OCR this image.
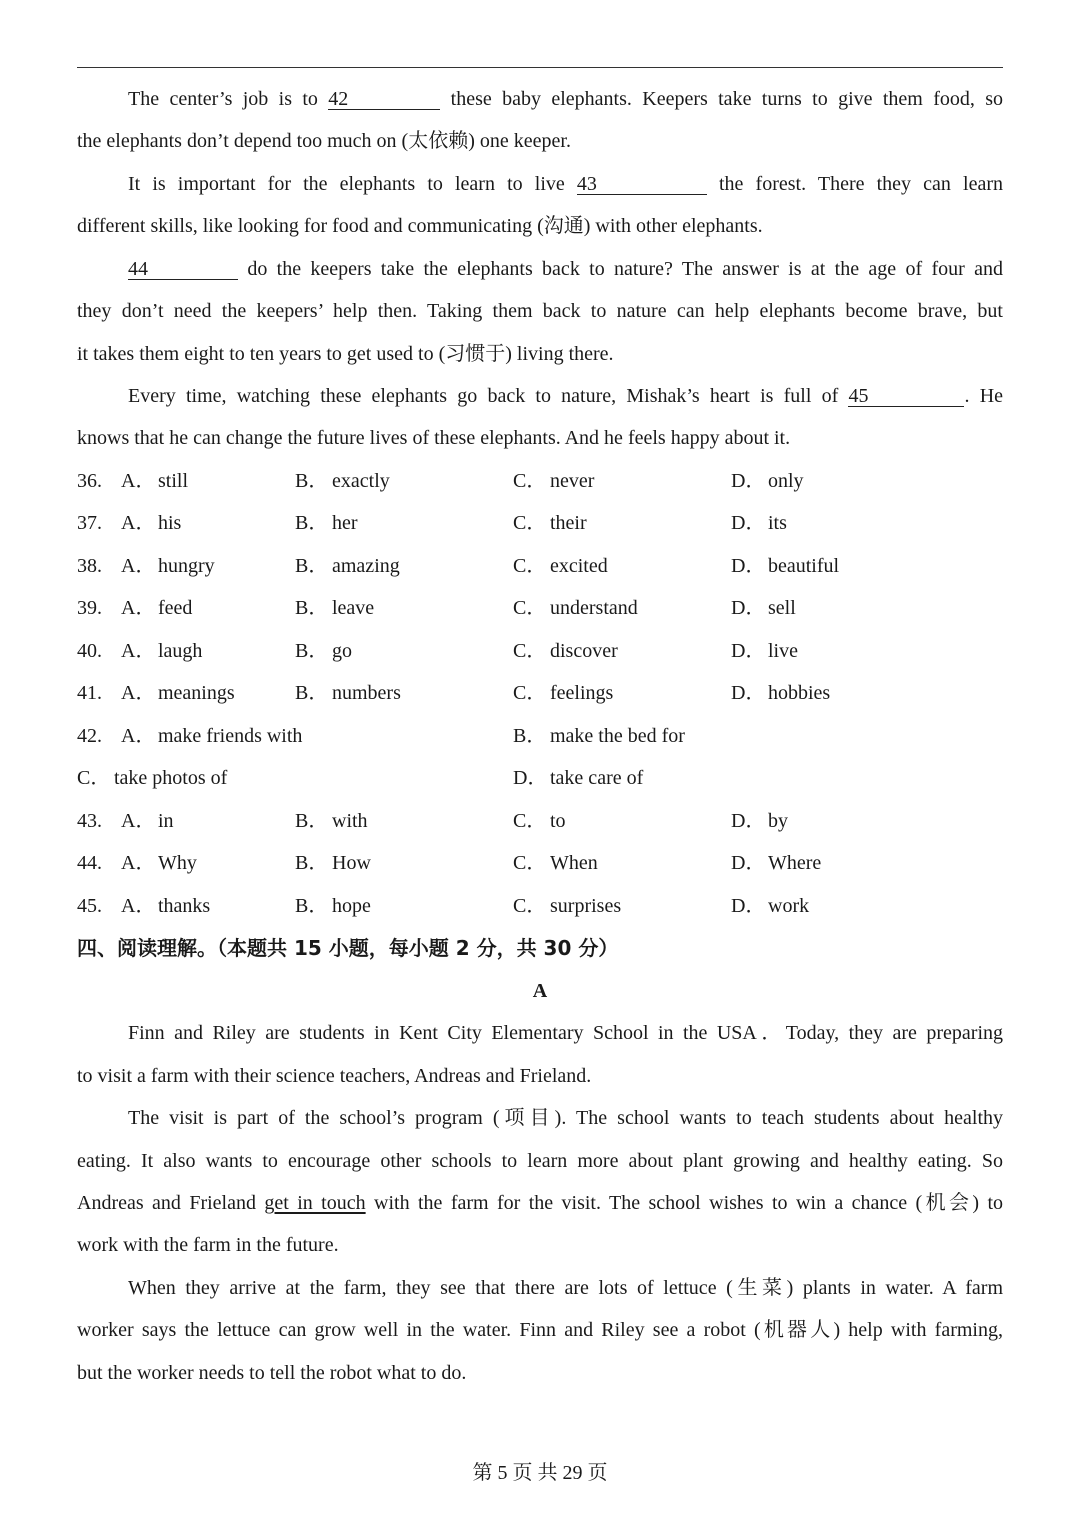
The center’s job is to 42	these baby elephants. Keepers take turns to give them food, so
the elephants don’t depend too much on (太依赖) one keeper.
It is important for the elephants to learn to live 43	the forest. There they can learn
different skills, like looking for food and communicating (沟通) with other elephants.
44	do the keepers take the elephants back to nature? The answer is at the age of four and
they don’t need the keepers’ help then. Taking them back to nature can help elephants become brave, but
it takes them eight to ten years to get used to (习惯于) living there.
Every time, watching these elephants go back to nature, Mishak’s heart is full of 45	. He
knows that he can change the future lives of these elephants. And he feels happy about it.
36. A． still	B． exactly	C． never	D． only
37. A． his	B． her	C． their	D． its
38. A． hungry	B． amazing	C． excited	D． beautiful
39. A． feed	B． leave	C． understand	D． sell
40. A． laugh	B． go	C． discover	D． live
41. A． meanings	B． numbers	C． feelings	D． hobbies
42. A． make friends with	B． make the bed for
C． take photos of	D． take care of
43. A． in	B． with	C． to	D． by
44. A． Why	B． How	C． When	D． Where
45. A． thanks	B． hope	C． surprises	D． work
四、阅读理解。（本题共 15 小题，每小题 2 分，共 30 分）
A
Finn and Riley are students in Kent City Elementary School in the USA．Today, they are preparing
to visit a farm with their science teachers, Andreas and Frieland.
The visit is part of the school’s program (项目). The school wants to teach students about healthy
eating. It also wants to encourage other schools to learn more about plant growing and healthy eating. So
Andreas and Frieland get in touch with the farm for the visit. The school wishes to win a chance (机会) to
work with the farm in the future.
When they arrive at the farm, they see that there are lots of lettuce (生菜) plants in water. A farm
worker says the lettuce can grow well in the water. Finn and Riley see a robot (机器人) help with farming,
but the worker needs to tell the robot what to do.
第 5 页 共 29 页
